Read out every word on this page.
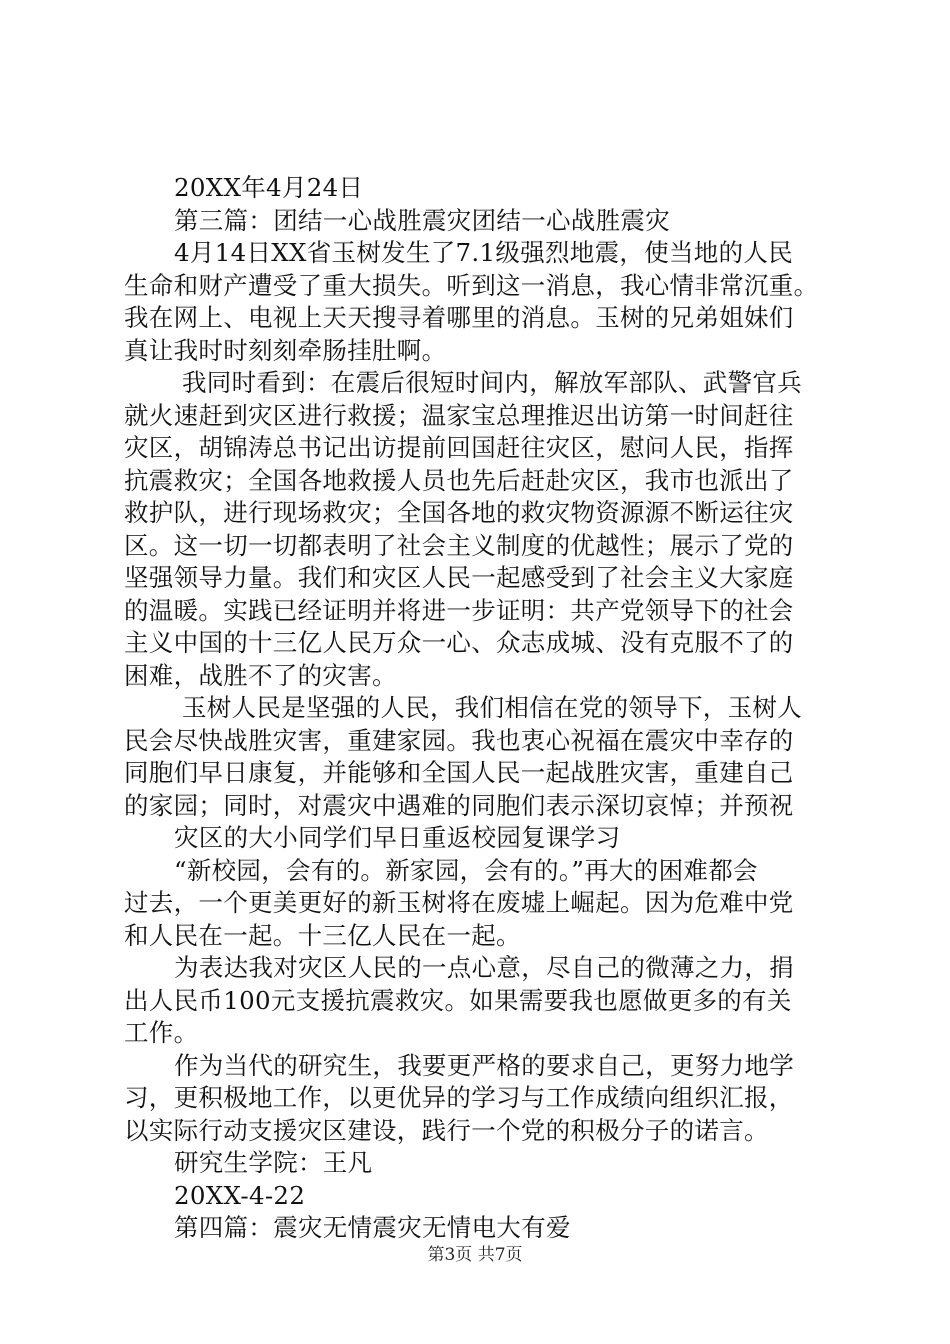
20XX年4月24日
第三篇：团结一心战胜震灾团结一心战胜震灾
4月14日XX省玉树发生了7.1级强烈地震，使当地的人民
生命和财产遭受了重大损失。听到这一消息，我心情非常沉重。
我在网上、电视上天天搜寻着哪里的消息。玉树的兄弟姐妹们
真让我时时刻刻牵肠挂肚啊。
我同时看到：在震后很短时间内，解放军部队、武警官兵
就火速赶到灾区进行救援；温家宝总理推迟出访第一时间赶往
灾区，胡锦涛总书记出访提前回国赶往灾区，慰问人民，指挥
抗震救灾；全国各地救援人员也先后赶赴灾区，我市也派出了
救护队，进行现场救灾；全国各地的救灾物资源源不断运往灾
区。这一切一切都表明了社会主义制度的优越性；展示了党的
坚强领导力量。我们和灾区人民一起感受到了社会主义大家庭
的温暖。实践已经证明并将进一步证明：共产党领导下的社会
主义中国的十三亿人民万众一心、众志成城、没有克服不了的
困难，战胜不了的灾害。
玉树人民是坚强的人民，我们相信在党的领导下，玉树人
民会尽快战胜灾害，重建家园。我也衷心祝福在震灾中幸存的
同胞们早日康复，并能够和全国人民一起战胜灾害，重建自己
的家园；同时，对震灾中遇难的同胞们表示深切哀悼；并预祝
灾区的大小同学们早日重返校园复课学习
“新校园，会有的。新家园，会有的。”再大的困难都会
过去，一个更美更好的新玉树将在废墟上崛起。因为危难中党
和人民在一起。十三亿人民在一起。
为表达我对灾区人民的一点心意，尽自己的微薄之力，捐
出人民币100元支援抗震救灾。如果需要我也愿做更多的有关
工作。
作为当代的研究生，我要更严格的要求自己，更努力地学
习，更积极地工作，以更优异的学习与工作成绩向组织汇报，
以实际行动支援灾区建设，践行一个党的积极分子的诺言。
研究生学院：王凡
20XX-4-22
第四篇：震灾无情震灾无情电大有爱
第3页 共7页
